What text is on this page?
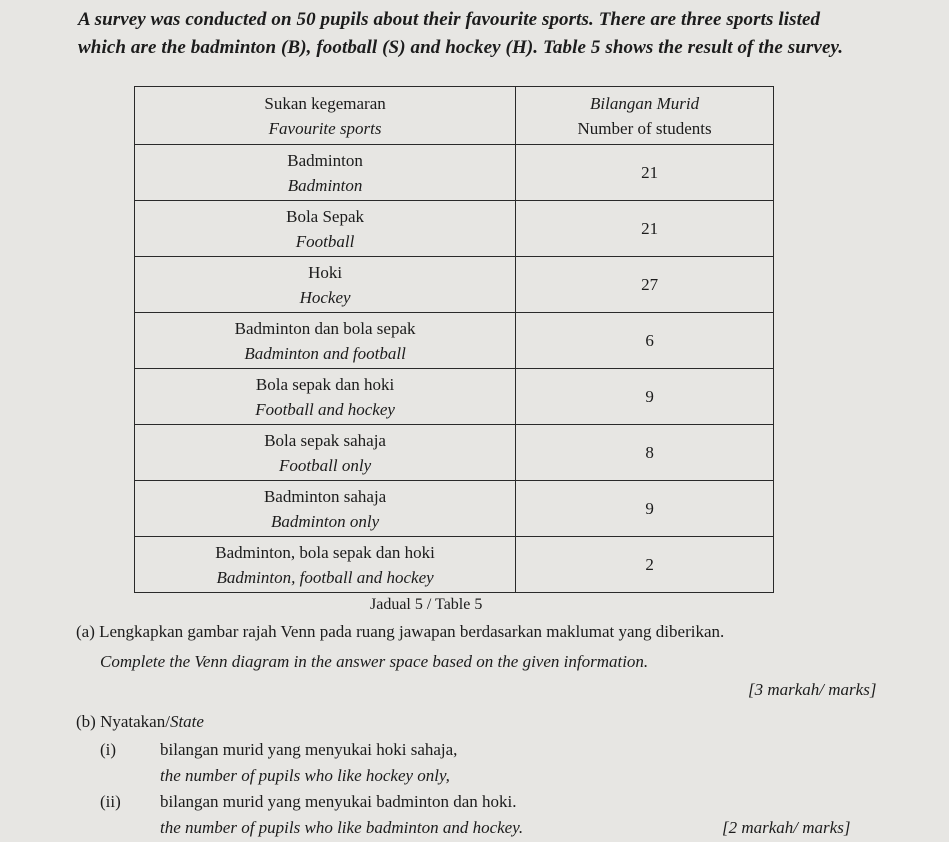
A survey was conducted on 50 pupils about their favourite sports. There are three sports listed
which are the badminton (B), football (S) and hockey (H). Table 5 shows the result of the survey.
Sukan kegemaran
Favourite sports	Bilangan Murid
Number of students

Badminton
Badminton	21

Bola Sepak
Football	21

Hoki
Hockey	27

Badminton dan bola sepak
Badminton and football	6

Bola sepak dan hoki
Football and hockey	9

Bola sepak sahaja
Football only	8

Badminton sahaja
Badminton only	9

Badminton, bola sepak dan hoki
Badminton, football and hockey	2
Jadual 5 / Table 5
(a) Lengkapkan gambar rajah Venn pada ruang jawapan berdasarkan maklumat yang diberikan.
Complete the Venn diagram in the answer space based on the given information.
[3 markah/ marks]
(b) Nyatakan/State
(i)	bilangan murid yang menyukai hoki sahaja,
the number of pupils who like hockey only,
(ii) bilangan murid yang menyukai badminton dan hoki.
the number of pupils who like badminton and hockey.	[2 markah/ marks]
